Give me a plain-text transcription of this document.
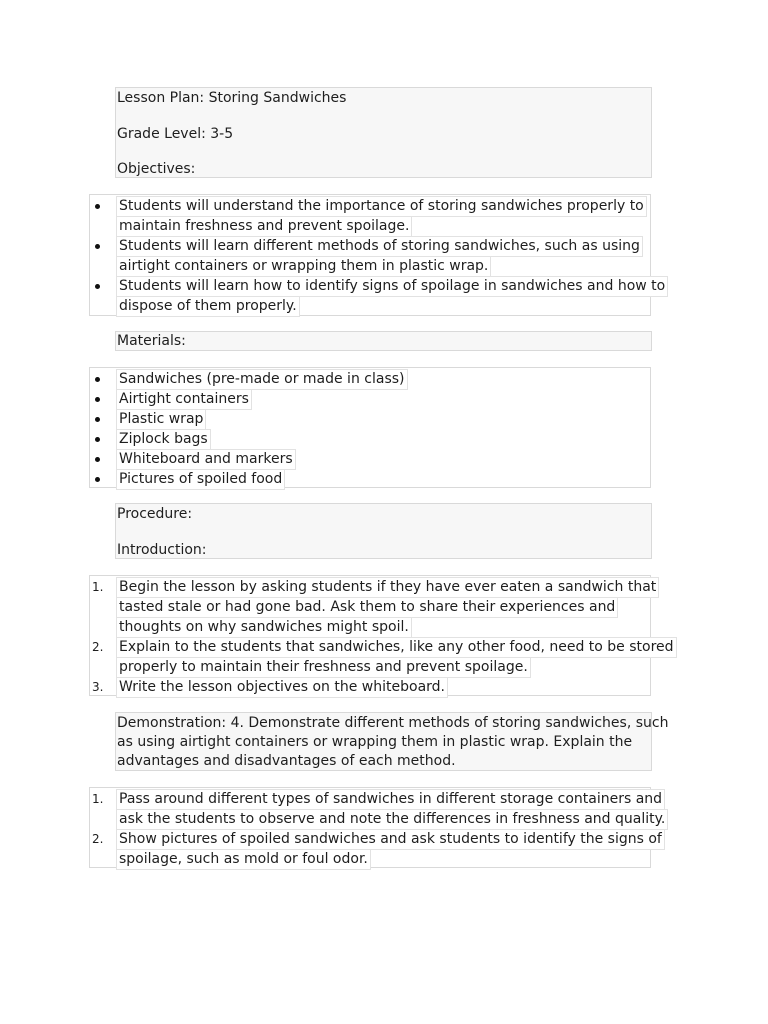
Lesson Plan: Storing Sandwiches
Grade Level: 3-5
Objectives:
Students will understand the importance of storing sandwiches properly to
maintain freshness and prevent spoilage.
Students will learn different methods of storing sandwiches, such as using
airtight containers or wrapping them in plastic wrap.
Students will learn how to identify signs of spoilage in sandwiches and how to
dispose of them properly.
Materials:
Sandwiches (pre-made or made in class)
Airtight containers
Plastic wrap
Ziplock bags
Whiteboard and markers
Pictures of spoiled food
Procedure:
Introduction:
1. Begin the lesson by asking students if they have ever eaten a sandwich that
tasted stale or had gone bad. Ask them to share their experiences and
thoughts on why sandwiches might spoil.
2. Explain to the students that sandwiches, like any other food, need to be stored
properly to maintain their freshness and prevent spoilage.
3. Write the lesson objectives on the whiteboard.
Demonstration: 4. Demonstrate different methods of storing sandwiches, such
as using airtight containers or wrapping them in plastic wrap. Explain the
advantages and disadvantages of each method.
1. Pass around different types of sandwiches in different storage containers and
ask the students to observe and note the differences in freshness and quality.
2. Show pictures of spoiled sandwiches and ask students to identify the signs of
spoilage, such as mold or foul odor.
